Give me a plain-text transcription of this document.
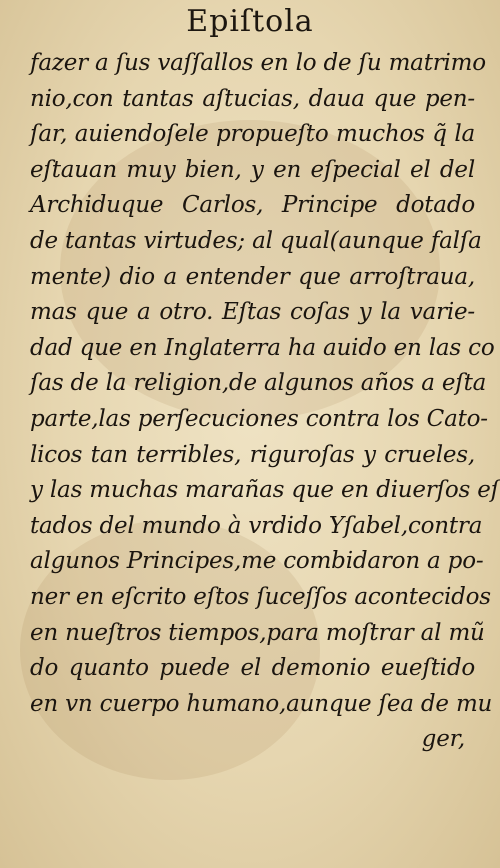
Epiſtola
fazer a ſus vaſſallos en lo de ſu matrimo
nio,con tantas aſtucias, daua que pen-
ſar, auiendoſele propueſto muchos q̃ la
eſtauan muy bien, y en eſpecial el del
Archiduque Carlos, Principe dotado
de tantas virtudes; al qual(aunque falſa
mente) dio a entender que arroſtraua,
mas que a otro. Eſtas coſas y la varie-
dad que en Inglaterra ha auido en las co
ſas de la religion,de algunos años a eſta
parte,las perſecuciones contra los Cato-
licos tan terribles, riguroſas y crueles,
y las muchas marañas que en diuerſos eſ
tados del mundo à vrdido Yſabel,contra
algunos Principes,me combidaron a po-
ner en eſcrito eſtos ſuceſſos acontecidos
en nueſtros tiempos,para moſtrar al mũ
do quanto puede el demonio eueſtido
en vn cuerpo humano,aunque ſea de mu
ger,
